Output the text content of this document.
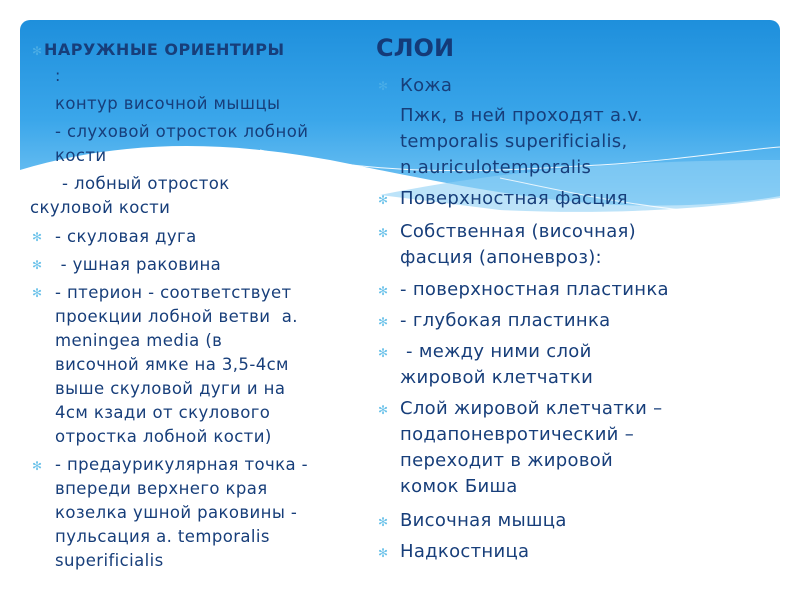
✻ НАРУЖНЫЕ ОРИЕНТИРЫ
:
контур височной мышцы
- слуховой отросток лобной
кости
- лобный отросток
скуловой кости
✻ - скуловая дуга
✻ - ушная раковина
✻ - птерион - соответствует
проекции лобной ветви  а.
meningea media (в
височной ямке на 3,5-4см
выше скуловой дуги и на
4см кзади от скулового
отростка лобной кости)
✻ - предаурикулярная точка -
впереди верхнего края
козелка ушной раковины -
пульсация а. temporalis
superificialis
СЛОИ
✻ Кожа
Пжк, в ней проходят a.v.
temporalis superificialis,
n.auriculotemporalis
✻ Поверхностная фасция
✻ Собственная (височная)
фасция (апоневроз):
✻ - поверхностная пластинка
✻ - глубокая пластинка
✻ - между ними слой
жировой клетчатки
✻ Слой жировой клетчатки –
подапоневротический –
переходит в жировой
комок Биша
✻ Височная мышца
✻ Надкостница
